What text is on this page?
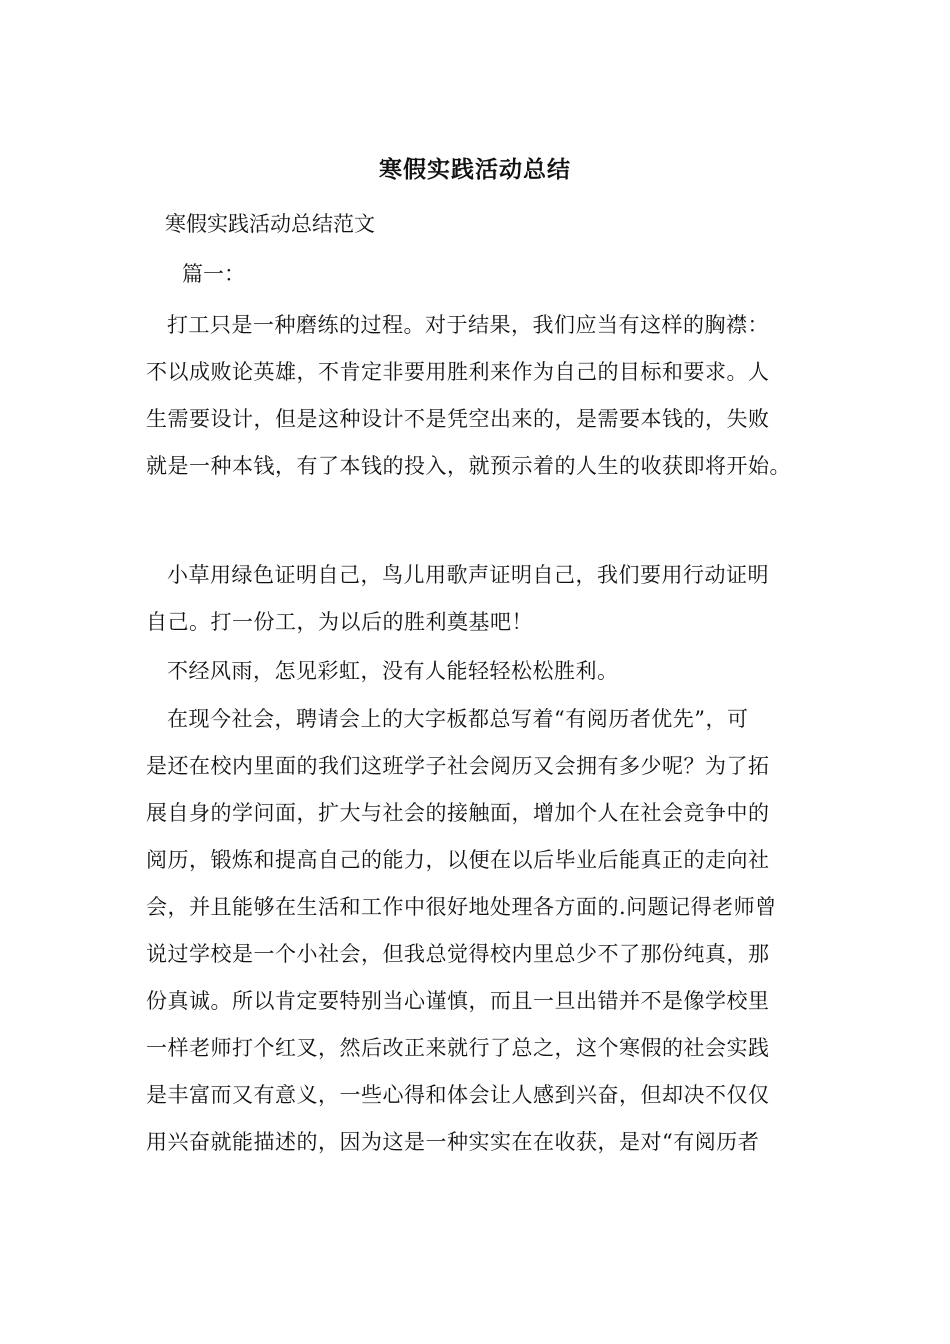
寒假实践活动总结
寒假实践活动总结范文
篇一：
打工只是一种磨练的过程。对于结果，我们应当有这样的胸襟：
不以成败论英雄，不肯定非要用胜利来作为自己的目标和要求。人
生需要设计，但是这种设计不是凭空出来的，是需要本钱的，失败
就是一种本钱，有了本钱的投入，就预示着的人生的收获即将开始。
小草用绿色证明自己，鸟儿用歌声证明自己，我们要用行动证明
自己。打一份工，为以后的胜利奠基吧！
不经风雨，怎见彩虹，没有人能轻轻松松胜利。
在现今社会，聘请会上的大字板都总写着“有阅历者优先”，可
是还在校内里面的我们这班学子社会阅历又会拥有多少呢？为了拓
展自身的学问面，扩大与社会的接触面，增加个人在社会竞争中的
阅历，锻炼和提高自己的能力，以便在以后毕业后能真正的走向社
会，并且能够在生活和工作中很好地处理各方面的.问题记得老师曾
说过学校是一个小社会，但我总觉得校内里总少不了那份纯真，那
份真诚。所以肯定要特别当心谨慎，而且一旦出错并不是像学校里
一样老师打个红叉，然后改正来就行了总之，这个寒假的社会实践
是丰富而又有意义，一些心得和体会让人感到兴奋，但却决不仅仅
用兴奋就能描述的，因为这是一种实实在在收获，是对“有阅历者
